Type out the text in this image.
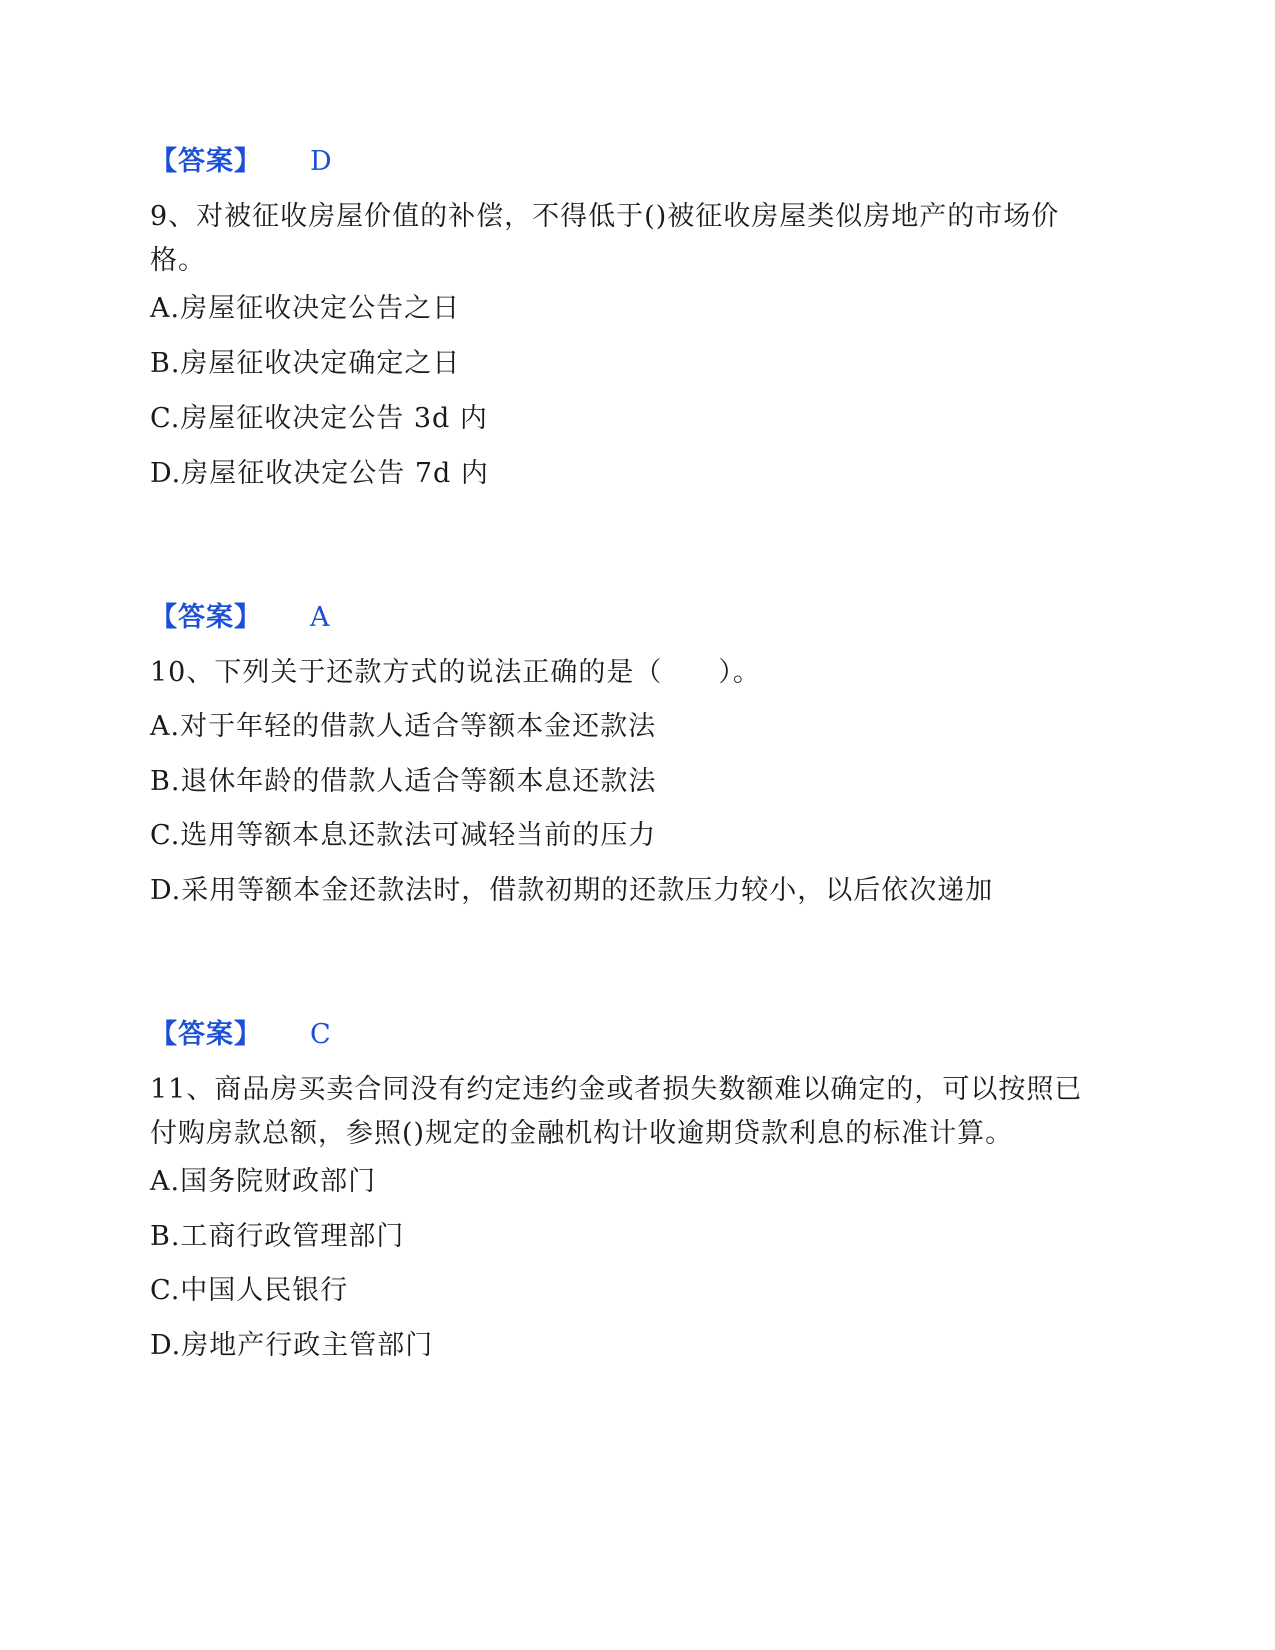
【答案】 D
9、对被征收房屋价值的补偿，不得低于()被征收房屋类似房地产的市场价格。
A.房屋征收决定公告之日
B.房屋征收决定确定之日
C.房屋征收决定公告 3d 内
D.房屋征收决定公告 7d 内
【答案】 A
10、下列关于还款方式的说法正确的是（　　）。
A.对于年轻的借款人适合等额本金还款法
B.退休年龄的借款人适合等额本息还款法
C.选用等额本息还款法可减轻当前的压力
D.采用等额本金还款法时，借款初期的还款压力较小，以后依次递加
【答案】 C
11、商品房买卖合同没有约定违约金或者损失数额难以确定的，可以按照已付购房款总额，参照()规定的金融机构计收逾期贷款利息的标准计算。
A.国务院财政部门
B.工商行政管理部门
C.中国人民银行
D.房地产行政主管部门
